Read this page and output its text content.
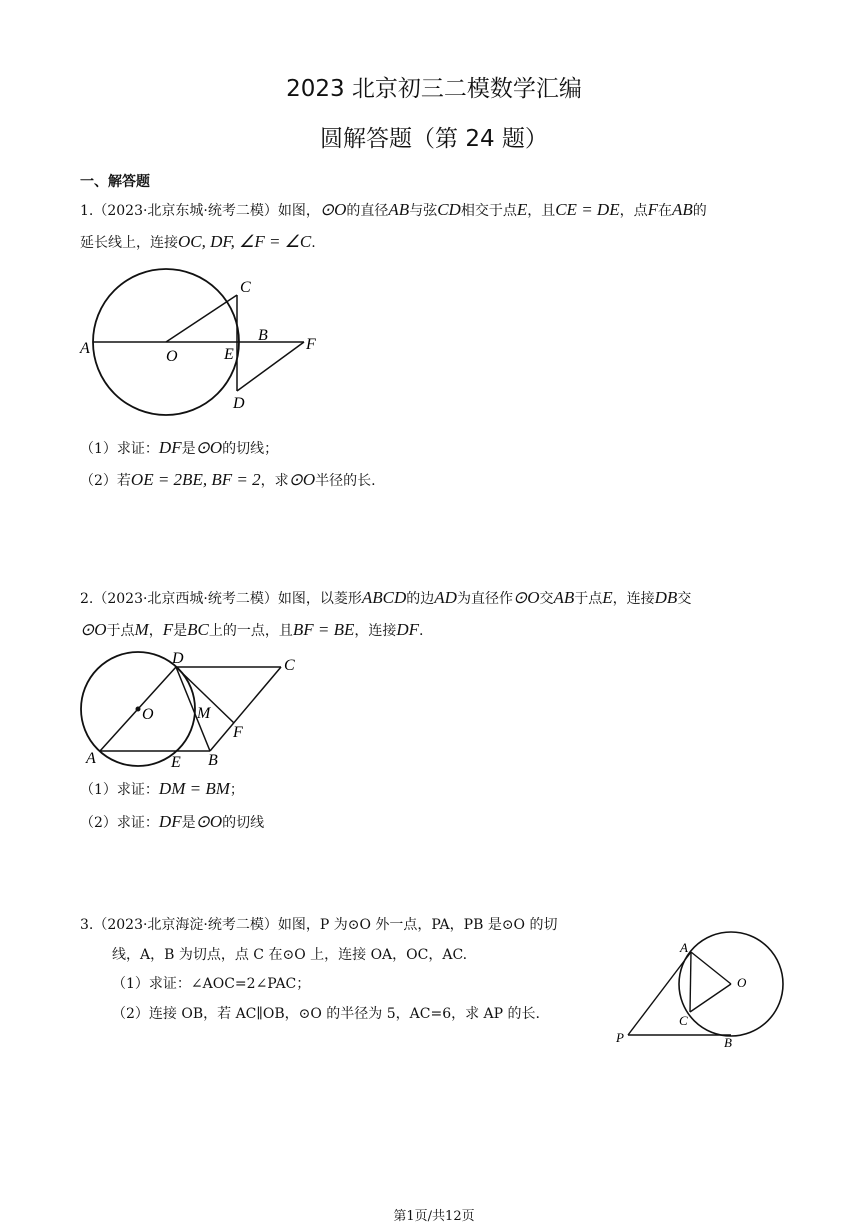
2023 北京初三二模数学汇编
圆解答题（第 24 题）
一、解答题
1.（2023·北京东城·统考二模）如图，⊙O的直径AB与弦CD相交于点E，且CE = DE，点F在AB的
延长线上，连接OC, DF, ∠F = ∠C.
A	O	E
B
F
C
D
（1）求证：DF是⊙O的切线；
（2）若OE = 2BE, BF = 2，求⊙O半径的长.
2.（2023·北京西城·统考二模）如图，以菱形ABCD的边AD为直径作⊙O交AB于点E，连接DB交
⊙O于点M，F是BC上的一点，且BF = BE，连接DF.
D	C
O	M
F
A	E B
（1）求证：DM = BM；
（2）求证：DF是⊙O的切线
3.（2023·北京海淀·统考二模）如图，P 为⊙O 外一点，PA，PB 是⊙O 的切
线，A，B 为切点，点 C 在⊙O 上，连接 OA，OC，AC.
（1）求证：∠AOC=2∠PAC；
（2）连接 OB，若 AC∥OB，⊙O 的半径为 5，AC=6，求 AP 的长.
A
O
C
P	B
第1页/共12页
